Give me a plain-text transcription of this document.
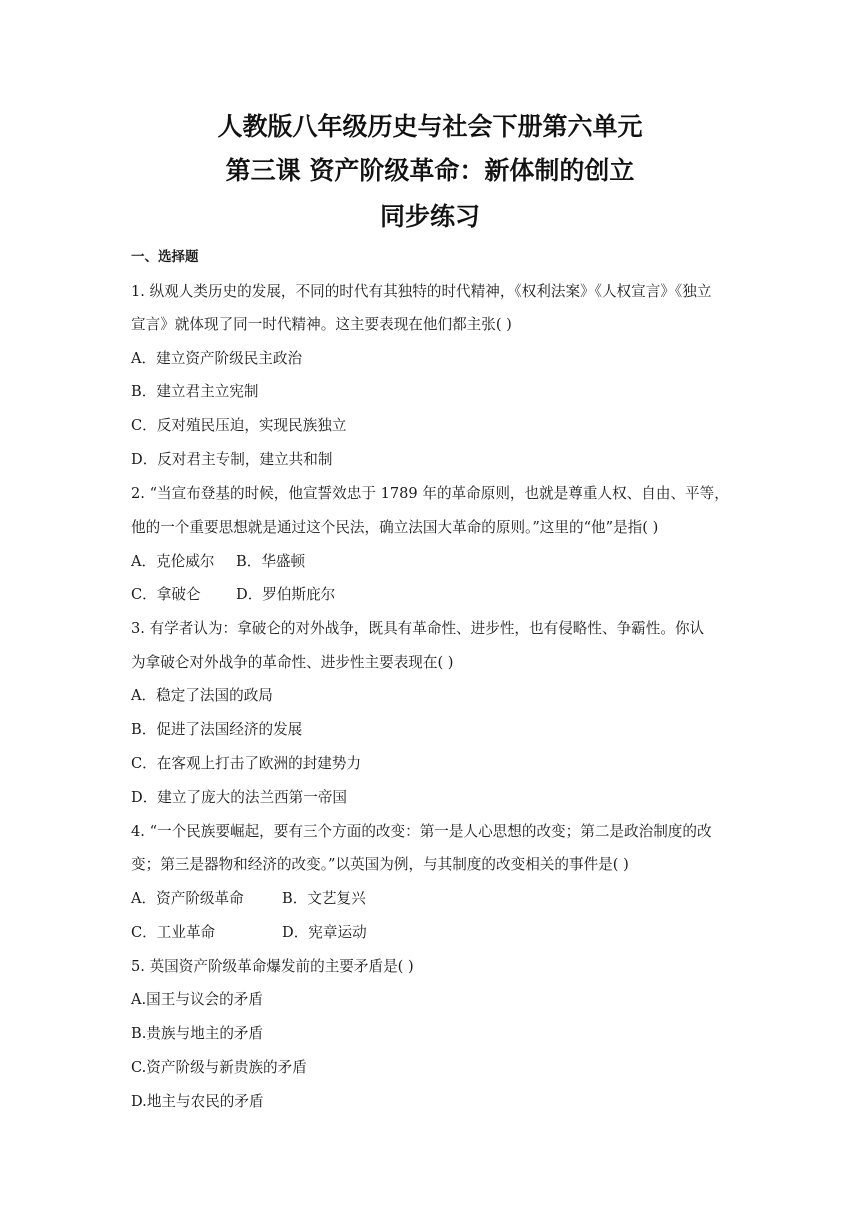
人教版八年级历史与社会下册第六单元
第三课 资产阶级革命：新体制的创立
同步练习
一、选择题
1. 纵观人类历史的发展，不同的时代有其独特的时代精神，《权利法案》《人权宣言》《独立
宣言》就体现了同一时代精神。这主要表现在他们都主张( )
A．建立资产阶级民主政治
B．建立君主立宪制
C．反对殖民压迫，实现民族独立
D．反对君主专制，建立共和制
2. “当宣布登基的时候，他宣誓效忠于 1789 年的革命原则，也就是尊重人权、自由、平等，
他的一个重要思想就是通过这个民法，确立法国大革命的原则。”这里的“他”是指( )
A．克伦威尔 B．华盛顿
C．拿破仑 D．罗伯斯庇尔
3. 有学者认为：拿破仑的对外战争，既具有革命性、进步性，也有侵略性、争霸性。你认
为拿破仑对外战争的革命性、进步性主要表现在( )
A．稳定了法国的政局
B．促进了法国经济的发展
C．在客观上打击了欧洲的封建势力
D．建立了庞大的法兰西第一帝国
4. “一个民族要崛起，要有三个方面的改变：第一是人心思想的改变；第二是政治制度的改
变；第三是器物和经济的改变。”以英国为例，与其制度的改变相关的事件是( )
A．资产阶级革命	B．文艺复兴
C．工业革命	D．宪章运动
5. 英国资产阶级革命爆发前的主要矛盾是( )
A.国王与议会的矛盾
B.贵族与地主的矛盾
C.资产阶级与新贵族的矛盾
D.地主与农民的矛盾
